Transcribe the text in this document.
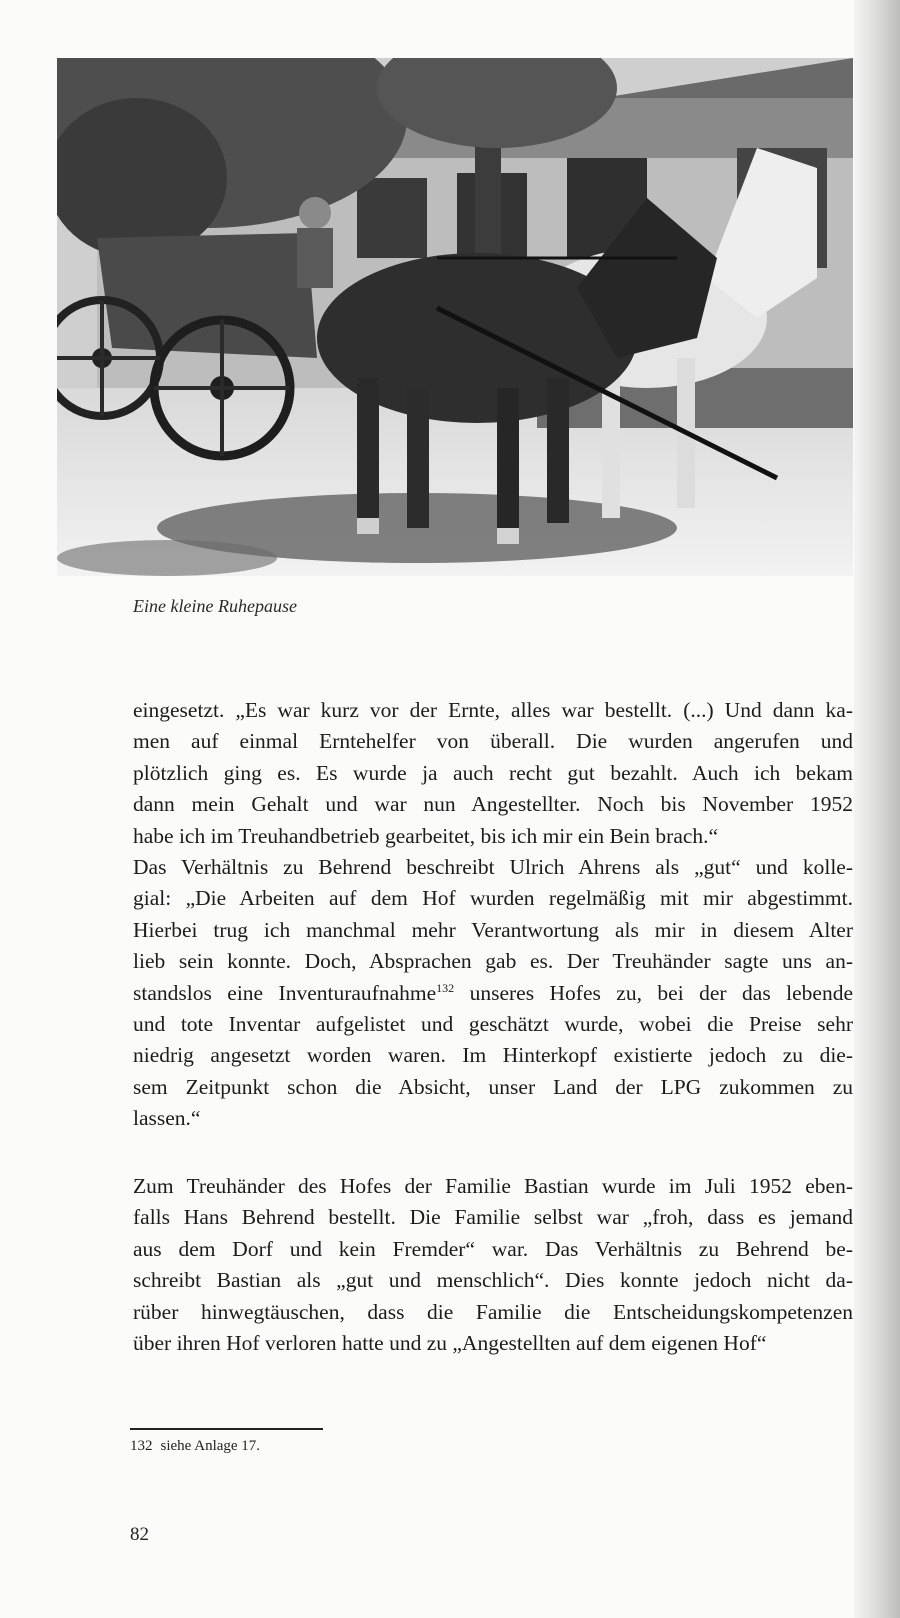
Eine kleine Ruhepause

eingesetzt. „Es war kurz vor der Ernte, alles war bestellt. (...) Und dann ka-

men auf einmal Erntehelfer von überall. Die wurden angerufen und

plötzlich ging es. Es wurde ja auch recht gut bezahlt. Auch ich bekam

dann mein Gehalt und war nun Angestellter. Noch bis November 1952

habe ich im Treuhandbetrieb gearbeitet, bis ich mir ein Bein brach.“

Das Verhältnis zu Behrend beschreibt Ulrich Ahrens als „gut“ und kolle-

gial: „Die Arbeiten auf dem Hof wurden regelmäßig mit mir abgestimmt.

Hierbei trug ich manchmal mehr Verantwortung als mir in diesem Alter

lieb sein konnte. Doch, Absprachen gab es. Der Treuhänder sagte uns an-

standslos eine Inventuraufnahme$^{132}$ unseres Hofes zu, bei der das lebende

und tote Inventar aufgelistet und geschätzt wurde, wobei die Preise sehr

niedrig angesetzt worden waren. Im Hinterkopf existierte jedoch zu die-

sem Zeitpunkt schon die Absicht, unser Land der LPG zukommen zu

lassen.“

Zum Treuhänder des Hofes der Familie Bastian wurde im Juli 1952 eben-

falls Hans Behrend bestellt. Die Familie selbst war „froh, dass es jemand

aus dem Dorf und kein Fremder“ war. Das Verhältnis zu Behrend be-

schreibt Bastian als „gut und menschlich“. Dies konnte jedoch nicht da-

rüber hinwegtäuschen, dass die Familie die Entscheidungskompetenzen

über ihren Hof verloren hatte und zu „Angestellten auf dem eigenen Hof“

132 siehe Anlage 17.
82
